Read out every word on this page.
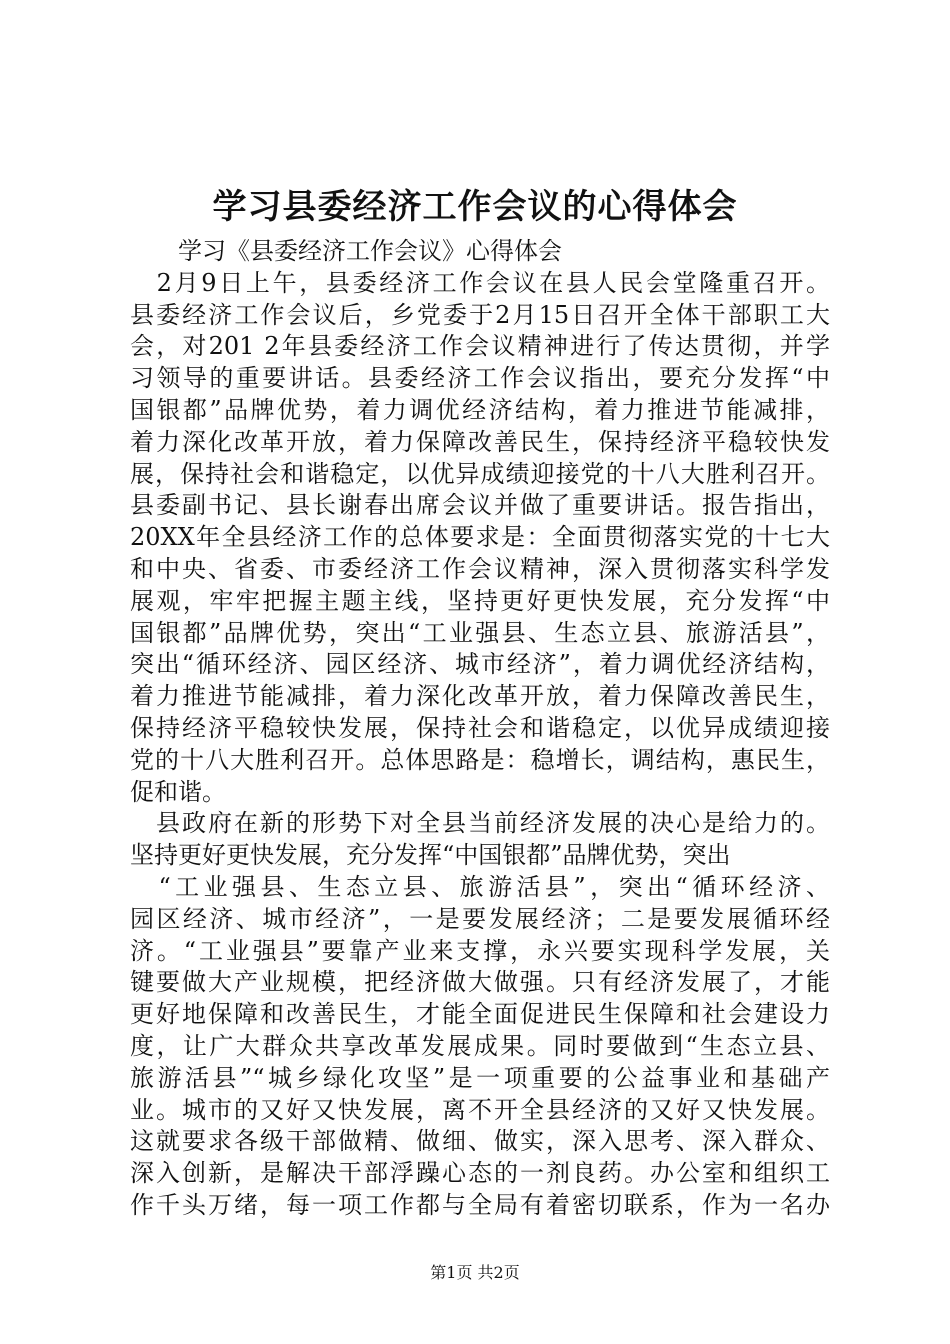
学习县委经济工作会议的心得体会
　　学习《县委经济工作会议》心得体会
　2月9日上午，县委经济工作会议在县人民会堂隆重召开。
县委经济工作会议后，乡党委于2月15日召开全体干部职工大
会，对201 2年县委经济工作会议精神进行了传达贯彻，并学
习领导的重要讲话。县委经济工作会议指出，要充分发挥“中
国银都”品牌优势，着力调优经济结构，着力推进节能减排，
着力深化改革开放，着力保障改善民生，保持经济平稳较快发
展，保持社会和谐稳定，以优异成绩迎接党的十八大胜利召开。
县委副书记、县长谢春出席会议并做了重要讲话。报告指出，
20XX年全县经济工作的总体要求是：全面贯彻落实党的十七大
和中央、省委、市委经济工作会议精神，深入贯彻落实科学发
展观，牢牢把握主题主线，坚持更好更快发展，充分发挥“中
国银都”品牌优势，突出“工业强县、生态立县、旅游活县”，
突出“循环经济、园区经济、城市经济”，着力调优经济结构，
着力推进节能减排，着力深化改革开放，着力保障改善民生，
保持经济平稳较快发展，保持社会和谐稳定，以优异成绩迎接
党的十八大胜利召开。总体思路是：稳增长，调结构，惠民生，
促和谐。
　县政府在新的形势下对全县当前经济发展的决心是给力的。
坚持更好更快发展，充分发挥“中国银都”品牌优势，突出
　“工业强县、生态立县、旅游活县”，突出“循环经济、
园区经济、城市经济”，一是要发展经济；二是要发展循环经
济。“工业强县”要靠产业来支撑，永兴要实现科学发展，关
键要做大产业规模，把经济做大做强。只有经济发展了，才能
更好地保障和改善民生，才能全面促进民生保障和社会建设力
度，让广大群众共享改革发展成果。同时要做到“生态立县、
旅游活县”“城乡绿化攻坚”是一项重要的公益事业和基础产
业。城市的又好又快发展，离不开全县经济的又好又快发展。
这就要求各级干部做精、做细、做实，深入思考、深入群众、
深入创新，是解决干部浮躁心态的一剂良药。办公室和组织工
作千头万绪，每一项工作都与全局有着密切联系，作为一名办
第1页 共2页
